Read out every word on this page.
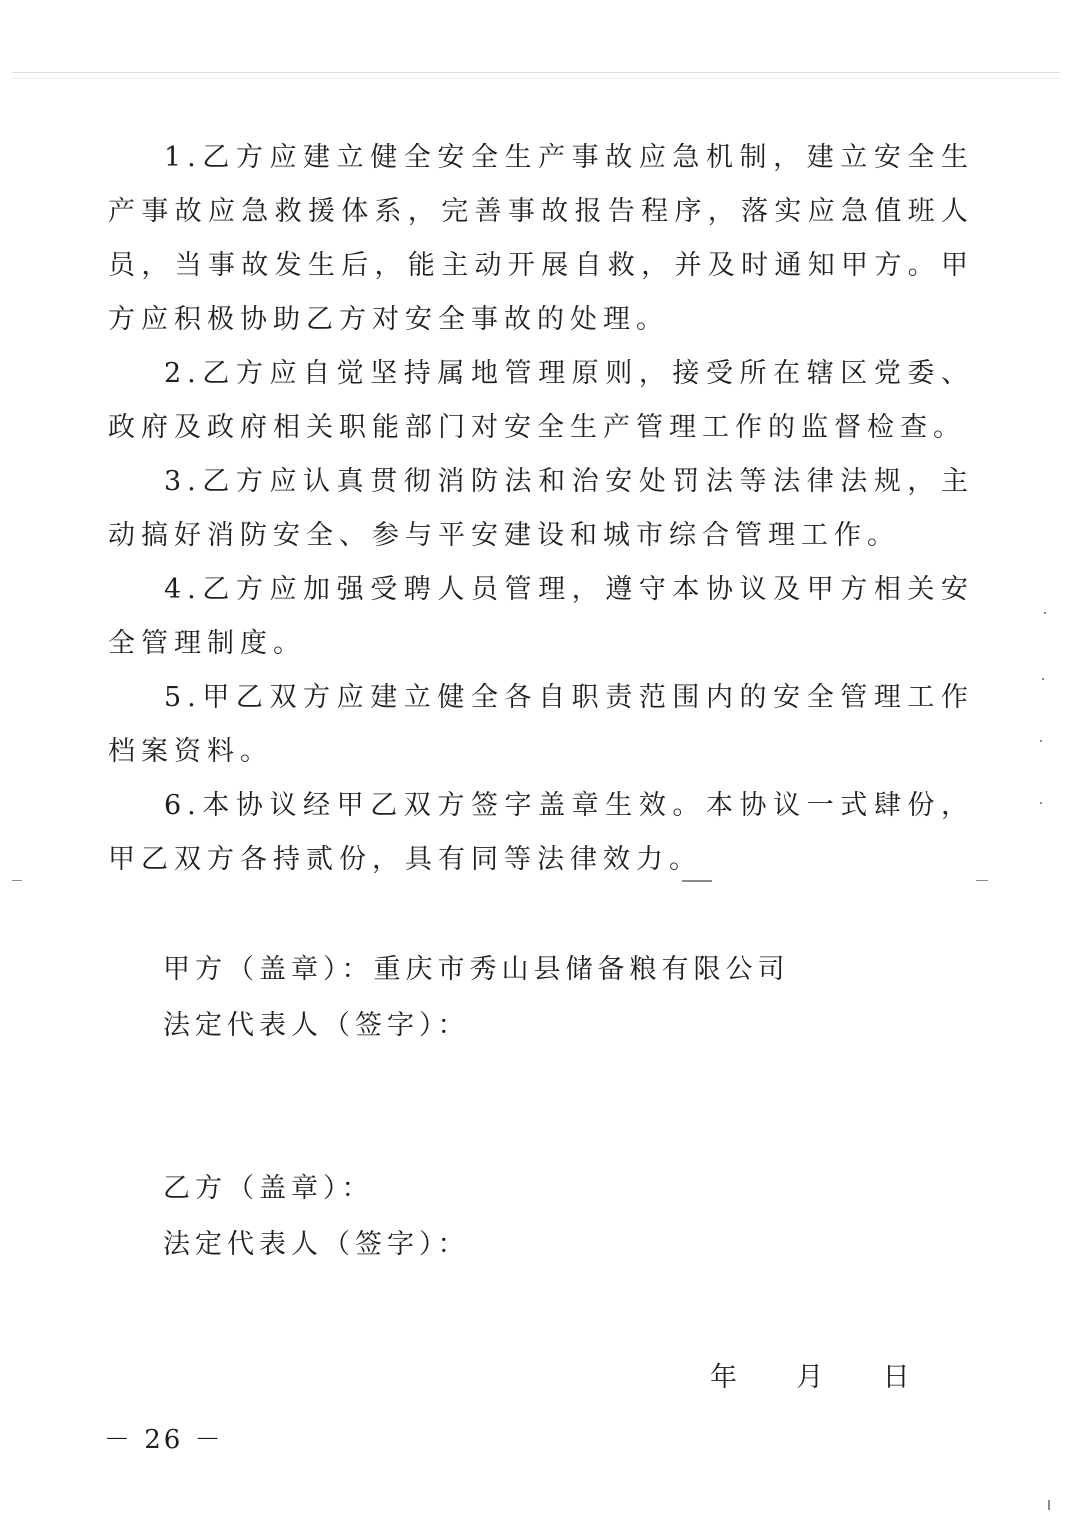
1.乙方应建立健全安全生产事故应急机制，建立安全生产事故应急救援体系，完善事故报告程序，落实应急值班人员，当事故发生后，能主动开展自救，并及时通知甲方。甲方应积极协助乙方对安全事故的处理。

2.乙方应自觉坚持属地管理原则，接受所在辖区党委、政府及政府相关职能部门对安全生产管理工作的监督检查。

3.乙方应认真贯彻消防法和治安处罚法等法律法规，主动搞好消防安全、参与平安建设和城市综合管理工作。

4.乙方应加强受聘人员管理，遵守本协议及甲方相关安全管理制度。

5.甲乙双方应建立健全各自职责范围内的安全管理工作档案资料。

6.本协议经甲乙双方签字盖章生效。本协议一式肆份，甲乙双方各持贰份，具有同等法律效力。

甲方（盖章）：重庆市秀山县储备粮有限公司

法定代表人（签字）：

乙方（盖章）：

法定代表人（签字）：

年    月    日

－ 26 －
